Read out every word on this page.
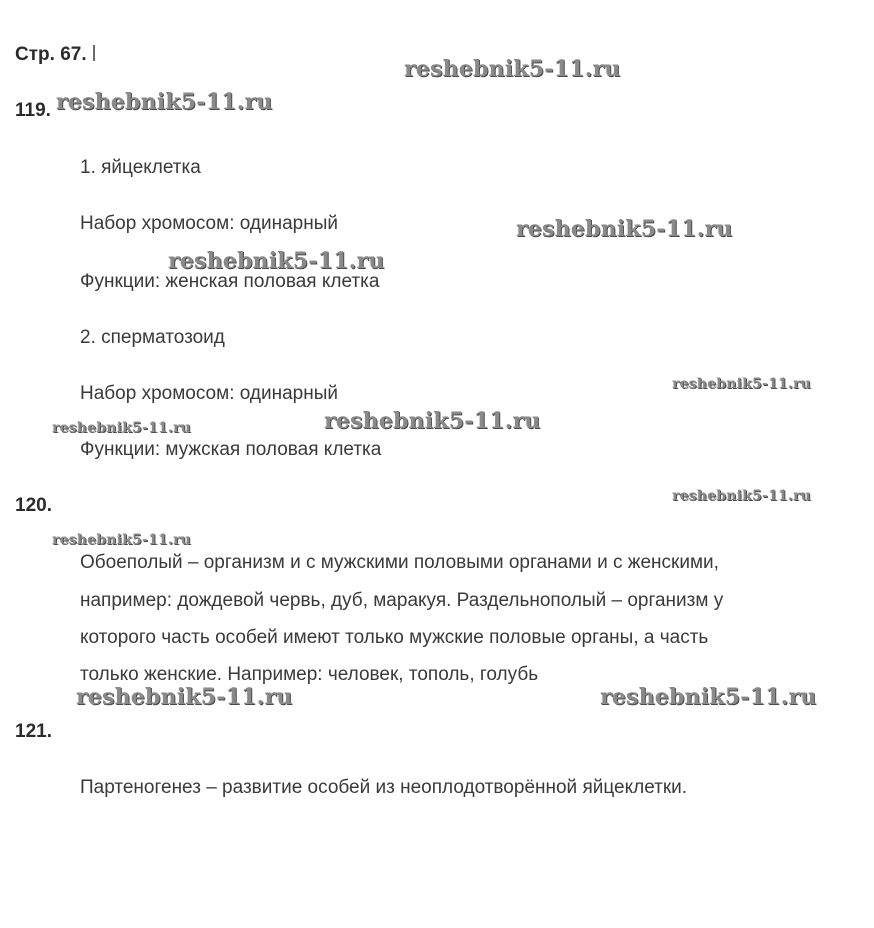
Стр. 67.
119.
1. яйцеклетка
Набор хромосом: одинарный
Функции: женская половая клетка
2. сперматозоид
Набор хромосом: одинарный
Функции: мужская половая клетка
120.
Обоеполый – организм и с мужскими половыми органами и с женскими,
например: дождевой червь, дуб, маракуя. Раздельнополый – организм у
которого часть особей имеют только мужские половые органы, а часть
только женские. Например: человек, тополь, голубь
121.
Партеногенез – развитие особей из неоплодотворённой яйцеклетки.
reshebnik5-11.ru
reshebnik5-11.ru
reshebnik5-11.ru
reshebnik5-11.ru
reshebnik5-11.ru
reshebnik5-11.ru
reshebnik5-11.ru
reshebnik5-11.ru
reshebnik5-11.ru
reshebnik5-11.ru	reshebnik5-11.ru
